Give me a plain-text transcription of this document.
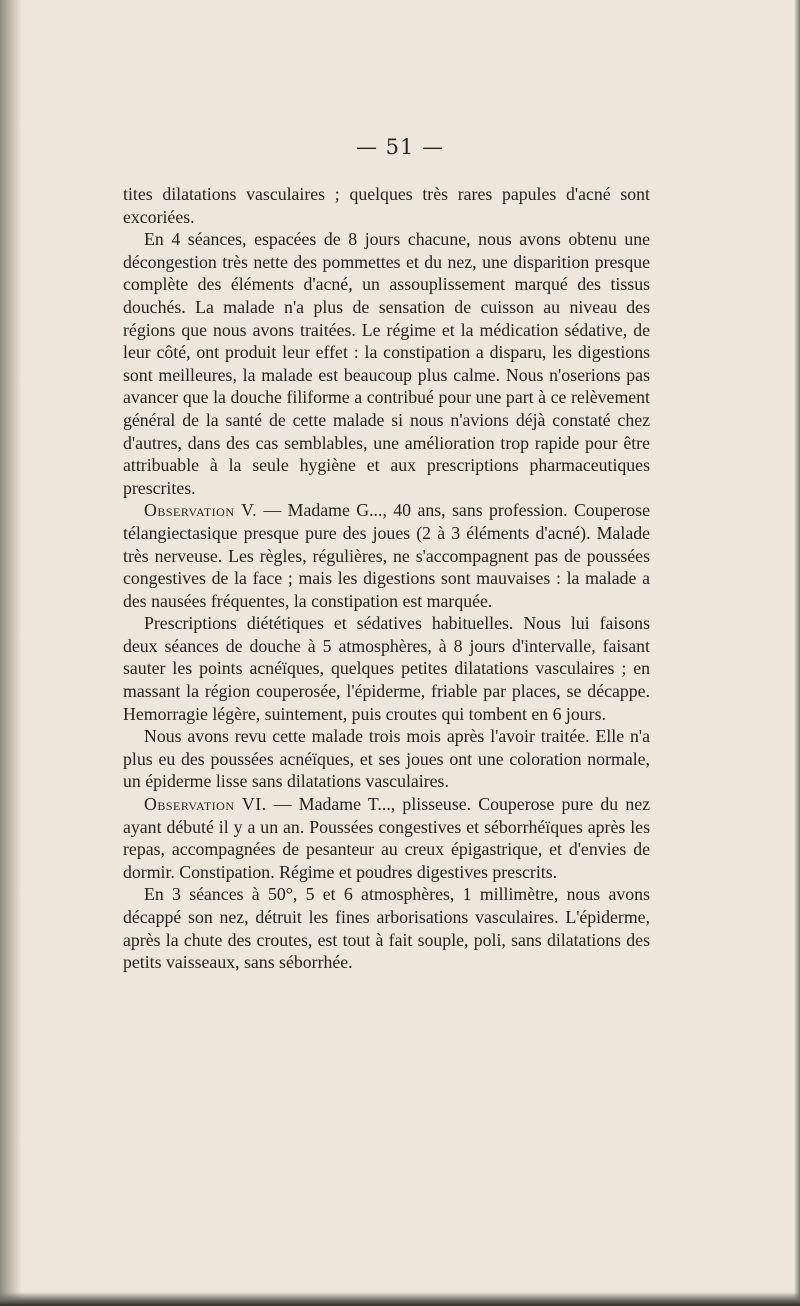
— 51 —

tites dilatations vasculaires ; quelques très rares papules d'acné sont excoriées.

En 4 séances, espacées de 8 jours chacune, nous avons obtenu une décongestion très nette des pommettes et du nez, une disparition presque complète des éléments d'acné, un assouplissement marqué des tissus douchés. La malade n'a plus de sensation de cuisson au niveau des régions que nous avons traitées. Le régime et la médication sédative, de leur côté, ont produit leur effet : la constipation a disparu, les digestions sont meilleures, la malade est beaucoup plus calme. Nous n'oserions pas avancer que la douche filiforme a contribué pour une part à ce relèvement général de la santé de cette malade si nous n'avions déjà constaté chez d'autres, dans des cas semblables, une amélioration trop rapide pour être attribuable à la seule hygiène et aux prescriptions pharmaceutiques prescrites.

Observation V. — Madame G..., 40 ans, sans profession. Couperose télangiectasique presque pure des joues (2 à 3 éléments d'acné). Malade très nerveuse. Les règles, régulières, ne s'accompagnent pas de poussées congestives de la face ; mais les digestions sont mauvaises : la malade a des nausées fréquentes, la constipation est marquée.

Prescriptions diététiques et sédatives habituelles. Nous lui faisons deux séances de douche à 5 atmosphères, à 8 jours d'intervalle, faisant sauter les points acnéïques, quelques petites dilatations vasculaires ; en massant la région couperosée, l'épiderme, friable par places, se décappe. Hemorragie légère, suintement, puis croutes qui tombent en 6 jours.

Nous avons revu cette malade trois mois après l'avoir traitée. Elle n'a plus eu des poussées acnéïques, et ses joues ont une coloration normale, un épiderme lisse sans dilatations vasculaires.

Observation VI. — Madame T..., plisseuse. Couperose pure du nez ayant débuté il y a un an. Poussées congestives et séborrhéïques après les repas, accompagnées de pesanteur au creux épigastrique, et d'envies de dormir. Constipation. Régime et poudres digestives prescrits.

En 3 séances à 50°, 5 et 6 atmosphères, 1 millimètre, nous avons décappé son nez, détruit les fines arborisations vasculaires. L'épiderme, après la chute des croutes, est tout à fait souple, poli, sans dilatations des petits vaisseaux, sans séborrhée.
